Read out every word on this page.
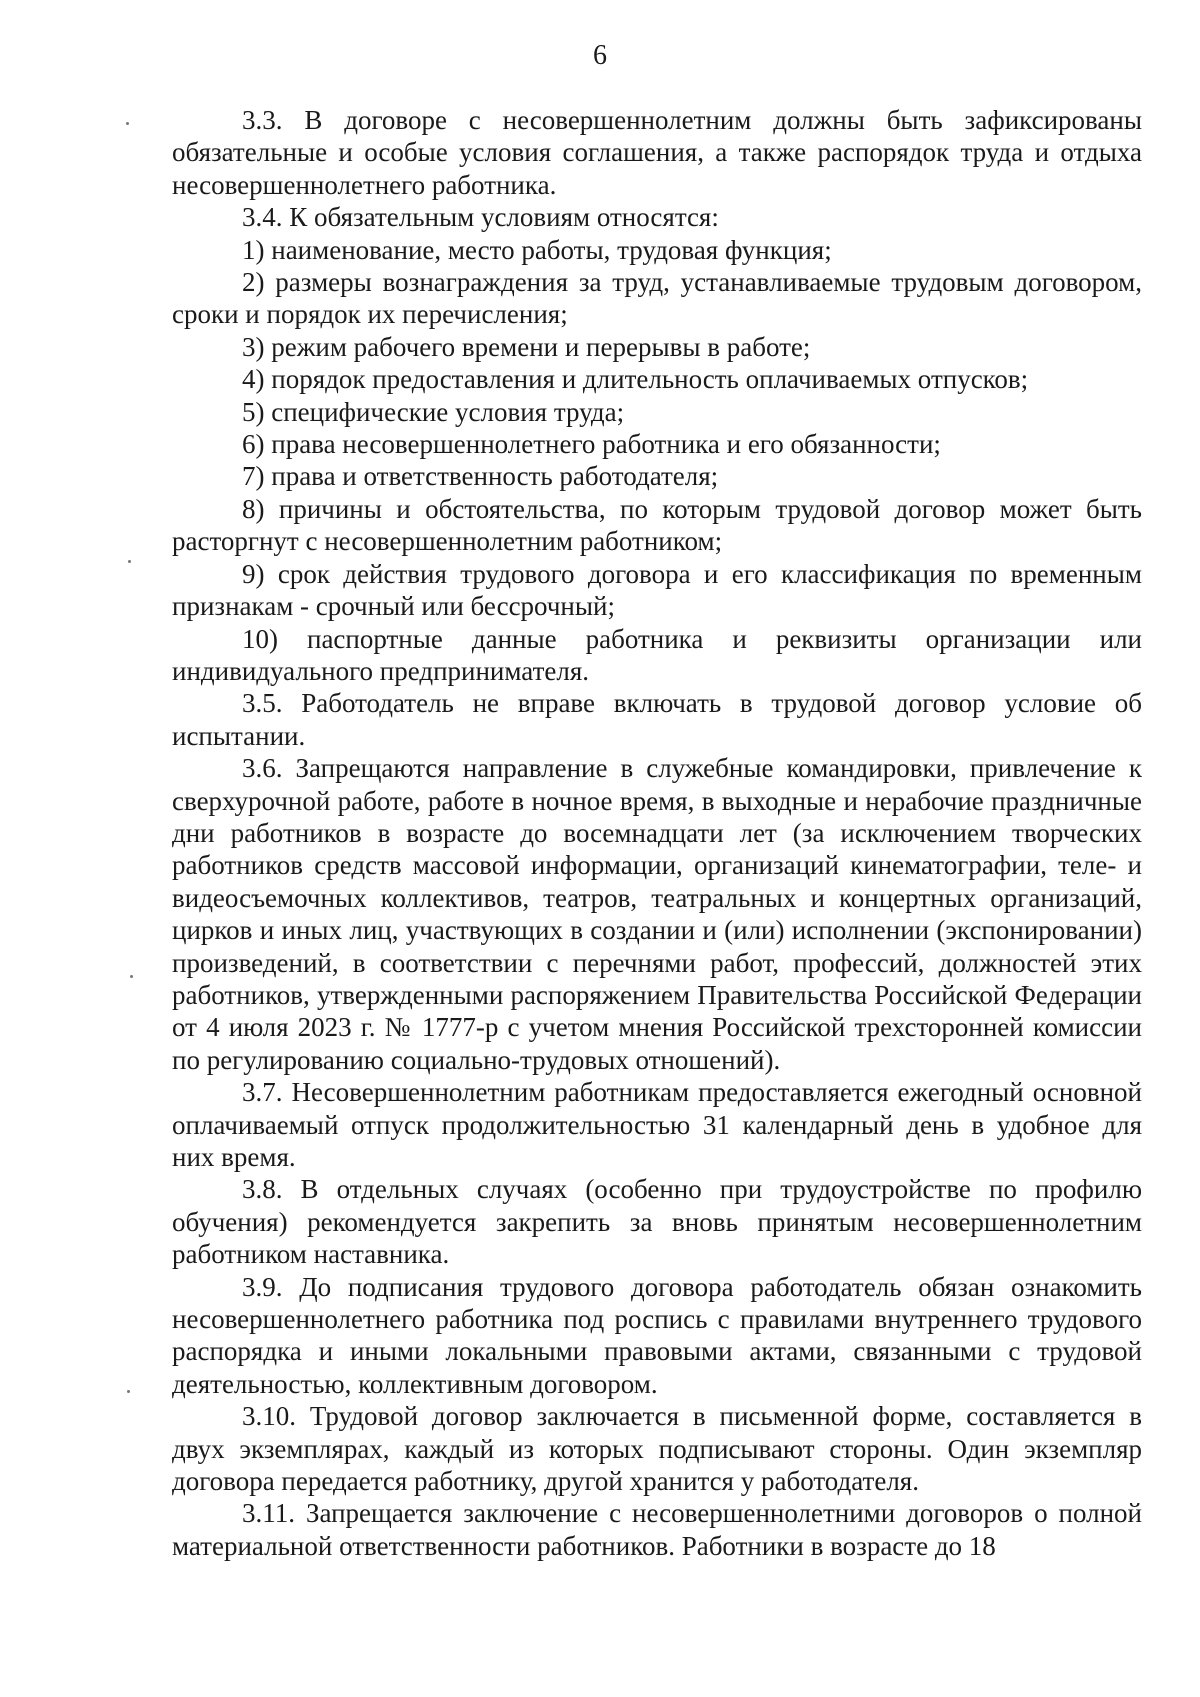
6

3.3. В договоре с несовершеннолетним должны быть зафиксированы обязательные и особые условия соглашения, а также распорядок труда и отдыха несовершеннолетнего работника.

3.4. К обязательным условиям относятся:

1) наименование, место работы, трудовая функция;

2) размеры вознаграждения за труд, устанавливаемые трудовым договором, сроки и порядок их перечисления;

3) режим рабочего времени и перерывы в работе;

4) порядок предоставления и длительность оплачиваемых отпусков;

5) специфические условия труда;

6) права несовершеннолетнего работника и его обязанности;

7) права и ответственность работодателя;

8) причины и обстоятельства, по которым трудовой договор может быть расторгнут с несовершеннолетним работником;

9) срок действия трудового договора и его классификация по временным признакам - срочный или бессрочный;

10) паспортные данные работника и реквизиты организации или индивидуального предпринимателя.

3.5. Работодатель не вправе включать в трудовой договор условие об испытании.

3.6. Запрещаются направление в служебные командировки, привлечение к сверхурочной работе, работе в ночное время, в выходные и нерабочие праздничные дни работников в возрасте до восемнадцати лет (за исключением творческих работников средств массовой информации, организаций кинематографии, теле- и видеосъемочных коллективов, театров, театральных и концертных организаций, цирков и иных лиц, участвующих в создании и (или) исполнении (экспонировании) произведений, в соответствии с перечнями работ, профессий, должностей этих работников, утвержденными распоряжением Правительства Российской Федерации от 4 июля 2023 г. № 1777-р с учетом мнения Российской трехсторонней комиссии по регулированию социально-трудовых отношений).

3.7. Несовершеннолетним работникам предоставляется ежегодный основной оплачиваемый отпуск продолжительностью 31 календарный день в удобное для них время.

3.8. В отдельных случаях (особенно при трудоустройстве по профилю обучения) рекомендуется закрепить за вновь принятым несовершеннолетним работником наставника.

3.9. До подписания трудового договора работодатель обязан ознакомить несовершеннолетнего работника под роспись с правилами внутреннего трудового распорядка и иными локальными правовыми актами, связанными с трудовой деятельностью, коллективным договором.

3.10. Трудовой договор заключается в письменной форме, составляется в двух экземплярах, каждый из которых подписывают стороны. Один экземпляр договора передается работнику, другой хранится у работодателя.

3.11. Запрещается заключение с несовершеннолетними договоров о полной материальной ответственности работников. Работники в возрасте до 18
